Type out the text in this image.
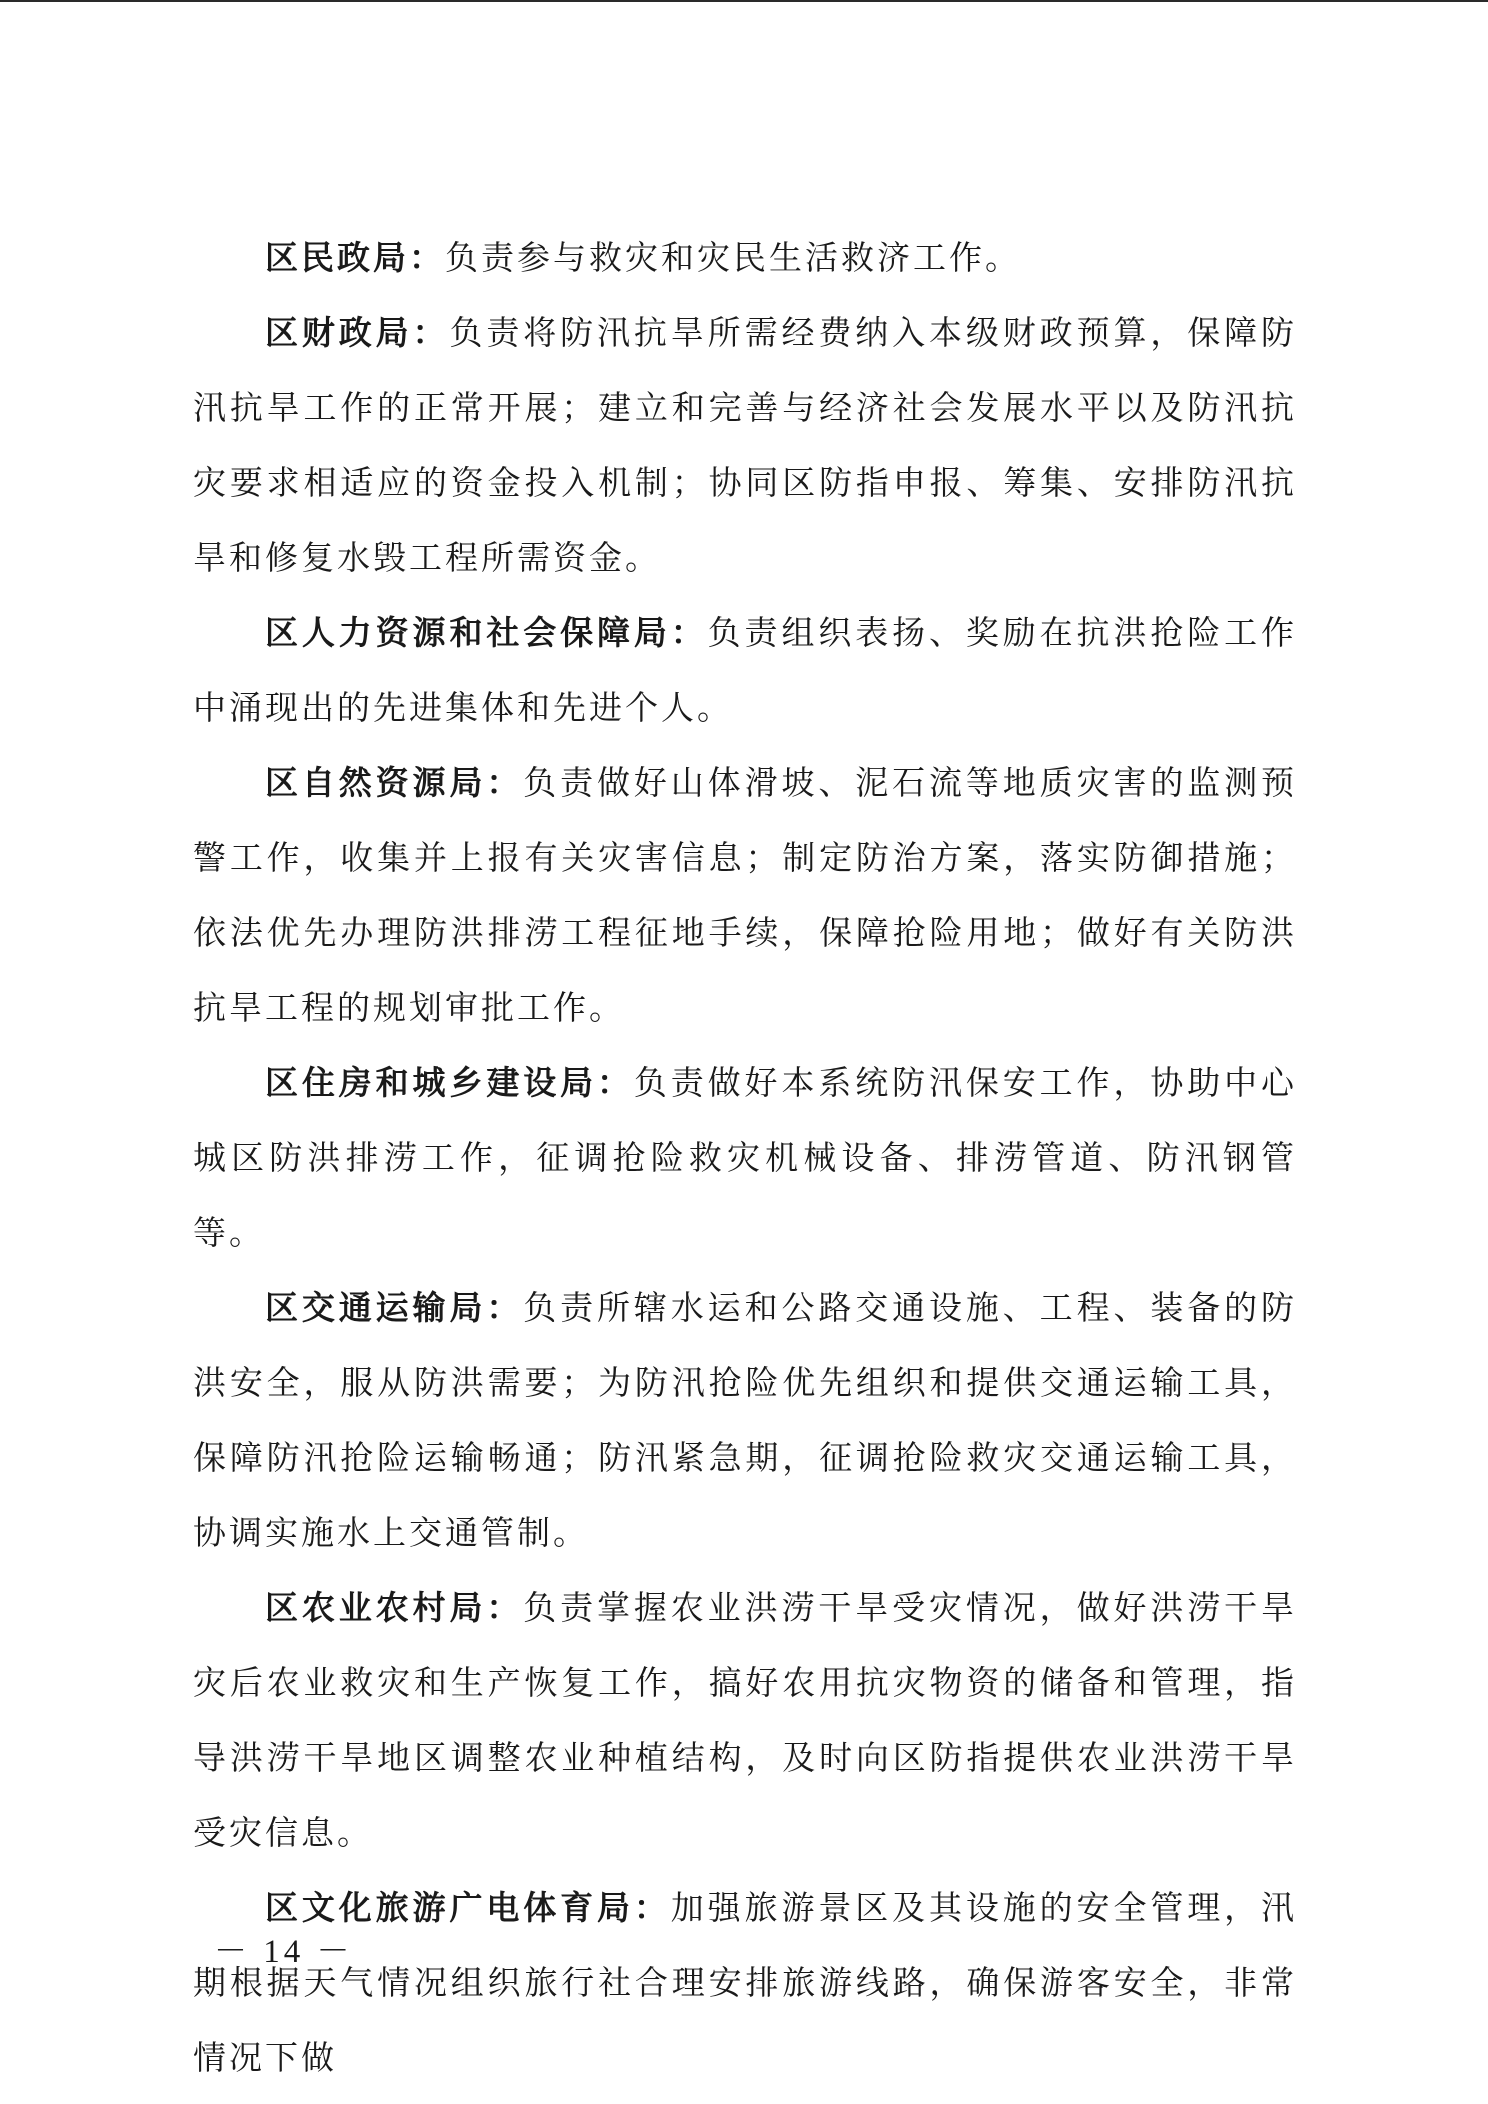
区民政局：负责参与救灾和灾民生活救济工作。

区财政局：负责将防汛抗旱所需经费纳入本级财政预算，保障防汛抗旱工作的正常开展；建立和完善与经济社会发展水平以及防汛抗灾要求相适应的资金投入机制；协同区防指申报、筹集、安排防汛抗旱和修复水毁工程所需资金。

区人力资源和社会保障局：负责组织表扬、奖励在抗洪抢险工作中涌现出的先进集体和先进个人。

区自然资源局：负责做好山体滑坡、泥石流等地质灾害的监测预警工作，收集并上报有关灾害信息；制定防治方案，落实防御措施；依法优先办理防洪排涝工程征地手续，保障抢险用地；做好有关防洪抗旱工程的规划审批工作。

区住房和城乡建设局：负责做好本系统防汛保安工作，协助中心城区防洪排涝工作，征调抢险救灾机械设备、排涝管道、防汛钢管等。

区交通运输局：负责所辖水运和公路交通设施、工程、装备的防洪安全，服从防洪需要；为防汛抢险优先组织和提供交通运输工具，保障防汛抢险运输畅通；防汛紧急期，征调抢险救灾交通运输工具，协调实施水上交通管制。

区农业农村局：负责掌握农业洪涝干旱受灾情况，做好洪涝干旱灾后农业救灾和生产恢复工作，搞好农用抗灾物资的储备和管理，指导洪涝干旱地区调整农业种植结构，及时向区防指提供农业洪涝干旱受灾信息。

区文化旅游广电体育局：加强旅游景区及其设施的安全管理，汛期根据天气情况组织旅行社合理安排旅游线路，确保游客安全，非常情况下做

－ 14 －
